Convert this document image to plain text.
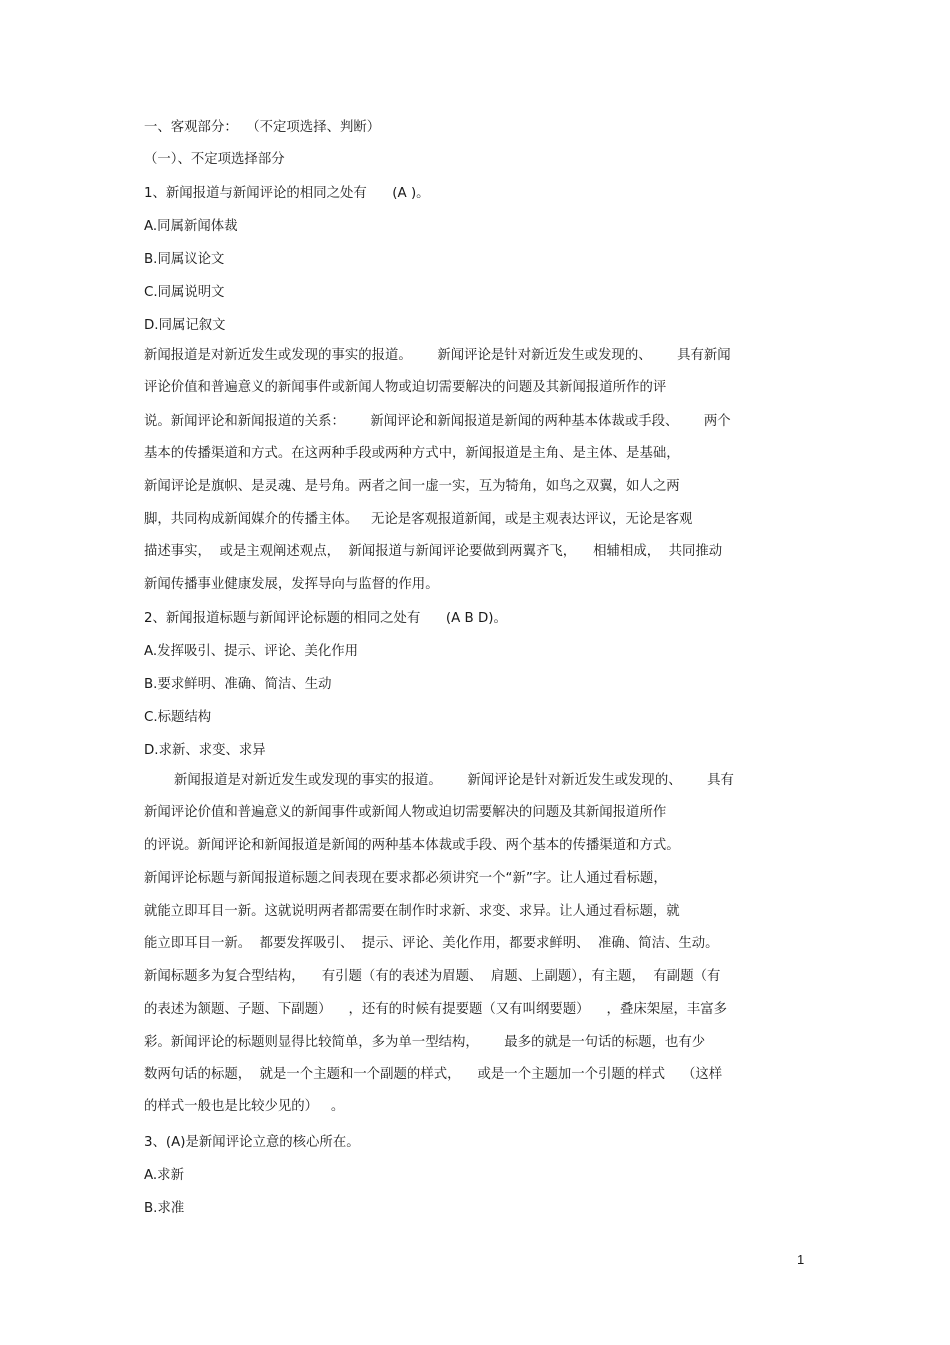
一、客观部分：  （不定项选择、判断）
（一）、不定项选择部分
1、新闻报道与新闻评论的相同之处有      (A )。
A.同属新闻体裁
B.同属议论文
C.同属说明文
D.同属记叙文
新闻报道是对新近发生或发现的事实的报道。      新闻评论是针对新近发生或发现的、      具有新闻
评论价值和普遍意义的新闻事件或新闻人物或迫切需要解决的问题及其新闻报道所作的评
说。新闻评论和新闻报道的关系：      新闻评论和新闻报道是新闻的两种基本体裁或手段、      两个
基本的传播渠道和方式。在这两种手段或两种方式中，新闻报道是主角、是主体、是基础，
新闻评论是旗帜、是灵魂、是号角。两者之间一虚一实，互为犄角，如鸟之双翼，如人之两
脚，共同构成新闻媒介的传播主体。   无论是客观报道新闻，或是主观表达评议，无论是客观
描述事实，  或是主观阐述观点，  新闻报道与新闻评论要做到两翼齐飞，    相辅相成，  共同推动
新闻传播事业健康发展，发挥导向与监督的作用。
2、新闻报道标题与新闻评论标题的相同之处有      (A B D)。
A.发挥吸引、提示、评论、美化作用
B.要求鲜明、准确、简洁、生动
C.标题结构
D.求新、求变、求异
新闻报道是对新近发生或发现的事实的报道。      新闻评论是针对新近发生或发现的、      具有
新闻评论价值和普遍意义的新闻事件或新闻人物或迫切需要解决的问题及其新闻报道所作
的评说。新闻评论和新闻报道是新闻的两种基本体裁或手段、两个基本的传播渠道和方式。
新闻评论标题与新闻报道标题之间表现在要求都必须讲究一个“新”字。让人通过看标题，
就能立即耳目一新。这就说明两者都需要在制作时求新、求变、求异。让人通过看标题，就
能立即耳目一新。  都要发挥吸引、  提示、评论、美化作用，都要求鲜明、  准确、简洁、生动。
新闻标题多为复合型结构，    有引题（有的表述为眉题、  肩题、上副题），有主题，  有副题（有
的表述为颔题、子题、下副题）    ，还有的时候有提要题（又有叫纲要题）    ，叠床架屋，丰富多
彩。新闻评论的标题则显得比较简单，多为单一型结构，      最多的就是一句话的标题，也有少
数两句话的标题，  就是一个主题和一个副题的样式，    或是一个主题加一个引题的样式    （这样
的样式一般也是比较少见的）   。
3、(A)是新闻评论立意的核心所在。
A.求新
B.求准
1
